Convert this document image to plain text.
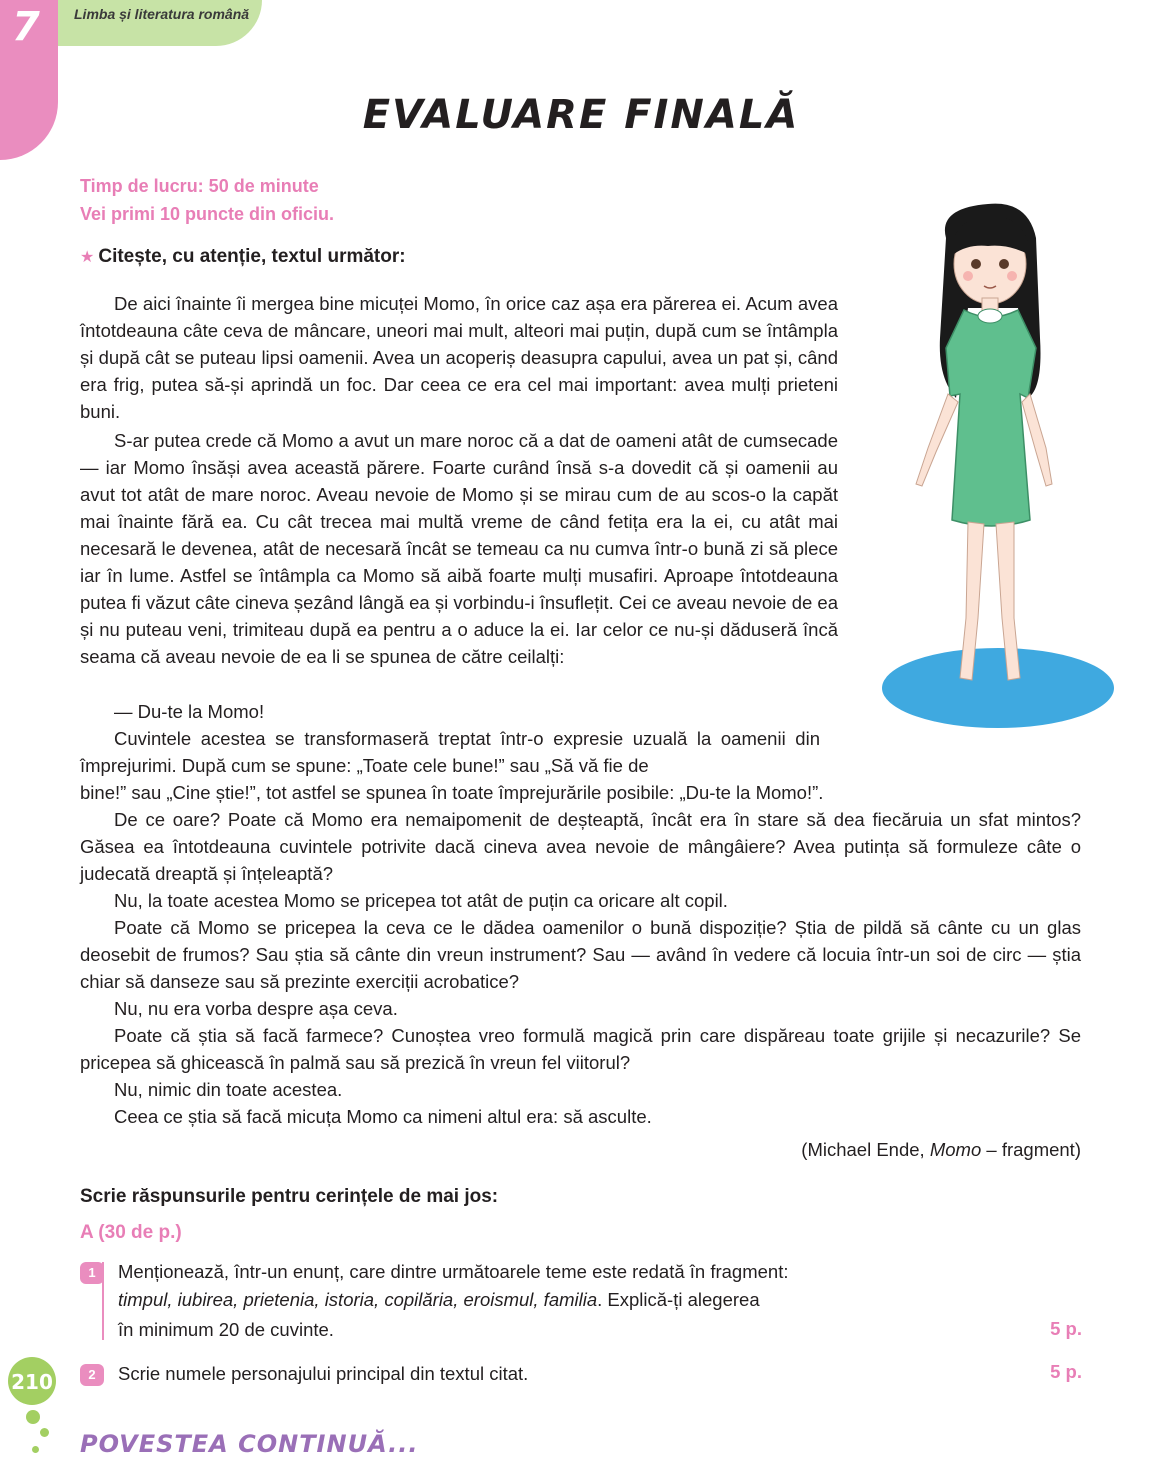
7 Limba și literatura română
EVALUARE FINALĂ
Timp de lucru: 50 de minute
Vei primi 10 puncte din oficiu.
★ Citește, cu atenție, textul următor:
De aici înainte îi mergea bine micuței Momo, în orice caz așa era părerea ei. Acum avea întotdeauna câte ceva de mâncare, uneori mai mult, alteori mai puțin, după cum se întâmpla și după cât se puteau lipsi oamenii. Avea un acoperiș deasupra capului, avea un pat și, când era frig, putea să-și aprindă un foc. Dar ceea ce era cel mai important: avea mulți prieteni buni.
S-ar putea crede că Momo a avut un mare noroc că a dat de oameni atât de cumsecade — iar Momo însăși avea această părere. Foarte curând însă s-a dovedit că și oamenii au avut tot atât de mare noroc. Aveau nevoie de Momo și se mirau cum de au scos-o la capăt mai înainte fără ea. Cu cât trecea mai multă vreme de când fetița era la ei, cu atât mai necesară le devenea, atât de necesară încât se temeau ca nu cumva într-o bună zi să plece iar în lume. Astfel se întâmpla ca Momo să aibă foarte mulți musafiri. Aproape întotdeauna putea fi văzut câte cineva șezând lângă ea și vorbindu-i însuflețit. Cei ce aveau nevoie de ea și nu puteau veni, trimiteau după ea pentru a o aduce la ei. Iar celor ce nu-și dăduseră încă seama că aveau nevoie de ea li se spunea de către ceilalți:
— Du-te la Momo!
Cuvintele acestea se transformaseră treptat într-o expresie uzuală la oamenii din împrejurimi. După cum se spune: „Toate cele bune!” sau „Să vă fie de
bine!” sau „Cine știe!”, tot astfel se spunea în toate împrejurările posibile: „Du-te la Momo!”.
De ce oare? Poate că Momo era nemaipomenit de deșteaptă, încât era în stare să dea fiecăruia un sfat mintos? Găsea ea întotdeauna cuvintele potrivite dacă cineva avea nevoie de mângâiere? Avea putința să formuleze câte o judecată dreaptă și înțeleaptă?
Nu, la toate acestea Momo se pricepea tot atât de puțin ca oricare alt copil.
Poate că Momo se pricepea la ceva ce le dădea oamenilor o bună dispoziție? Știa de pildă să cânte cu un glas deosebit de frumos? Sau știa să cânte din vreun instrument? Sau — având în vedere că locuia într-un soi de circ — știa chiar să danseze sau să prezinte exerciții acrobatice?
Nu, nu era vorba despre așa ceva.
Poate că știa să facă farmece? Cunoștea vreo formulă magică prin care dispăreau toate grijile și necazurile? Se pricepea să ghicească în palmă sau să prezică în vreun fel viitorul?
Nu, nimic din toate acestea.
Ceea ce știa să facă micuța Momo ca nimeni altul era: să asculte.
(Michael Ende, Momo – fragment)
Scrie răspunsurile pentru cerințele de mai jos:
A (30 de p.)
1	Menționează, într-un enunț, care dintre următoarele teme este redată în fragment:
timpul, iubirea, prietenia, istoria, copilăria, eroismul, familia. Explică-ți alegerea
în minimum 20 de cuvinte.	5 p.
2	Scrie numele personajului principal din textul citat.	5 p.
210
POVESTEA CONTINUĂ...
